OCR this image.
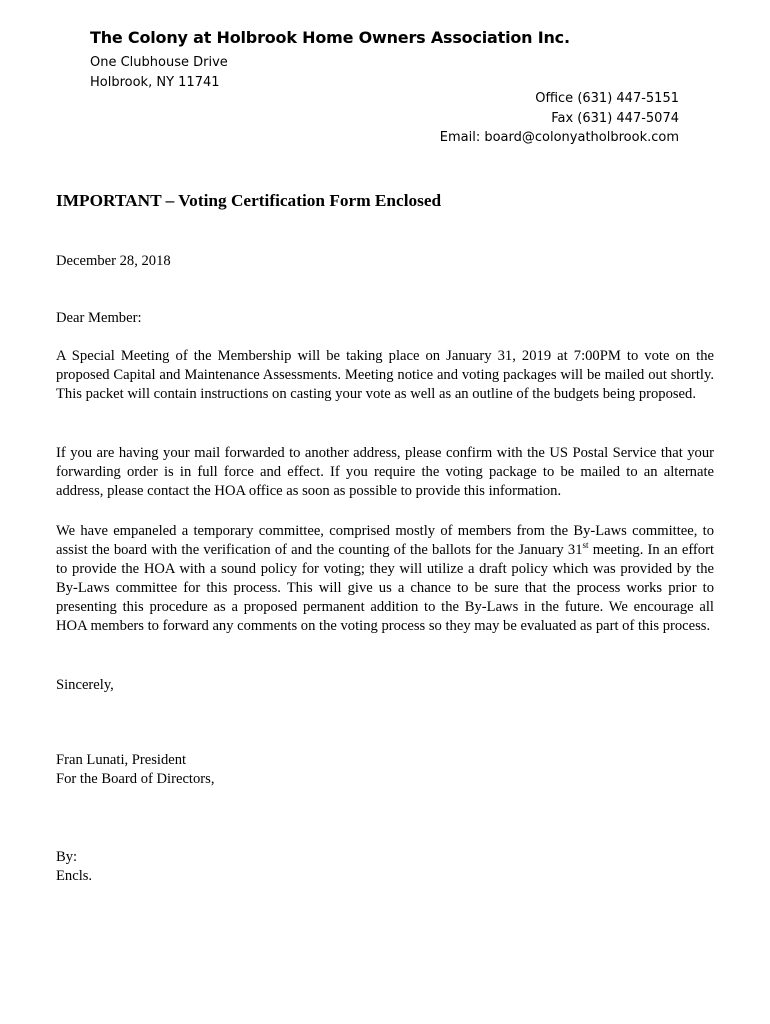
The Colony at Holbrook Home Owners Association Inc.

One Clubhouse Drive

Holbrook, NY 11741

Office (631) 447-5151
Fax (631) 447-5074
Email: board@colonyatholbrook.com

IMPORTANT – Voting Certification Form Enclosed

December 28, 2018

Dear Member:

A Special Meeting of the Membership will be taking place on January 31, 2019 at 7:00PM to vote on the proposed Capital and Maintenance Assessments. Meeting notice and voting packages will be mailed out shortly. This packet will contain instructions on casting your vote as well as an outline of the budgets being proposed.

If you are having your mail forwarded to another address, please confirm with the US Postal Service that your forwarding order is in full force and effect. If you require the voting package to be mailed to an alternate address, please contact the HOA office as soon as possible to provide this information.

We have empaneled a temporary committee, comprised mostly of members from the By-Laws committee, to assist the board with the verification of and the counting of the ballots for the January 31st meeting. In an effort to provide the HOA with a sound policy for voting; they will utilize a draft policy which was provided by the By-Laws committee for this process. This will give us a chance to be sure that the process works prior to presenting this procedure as a proposed permanent addition to the By-Laws in the future. We encourage all HOA members to forward any comments on the voting process so they may be evaluated as part of this process.

Sincerely,

Fran Lunati, President

For the Board of Directors,

By:

Encls.
